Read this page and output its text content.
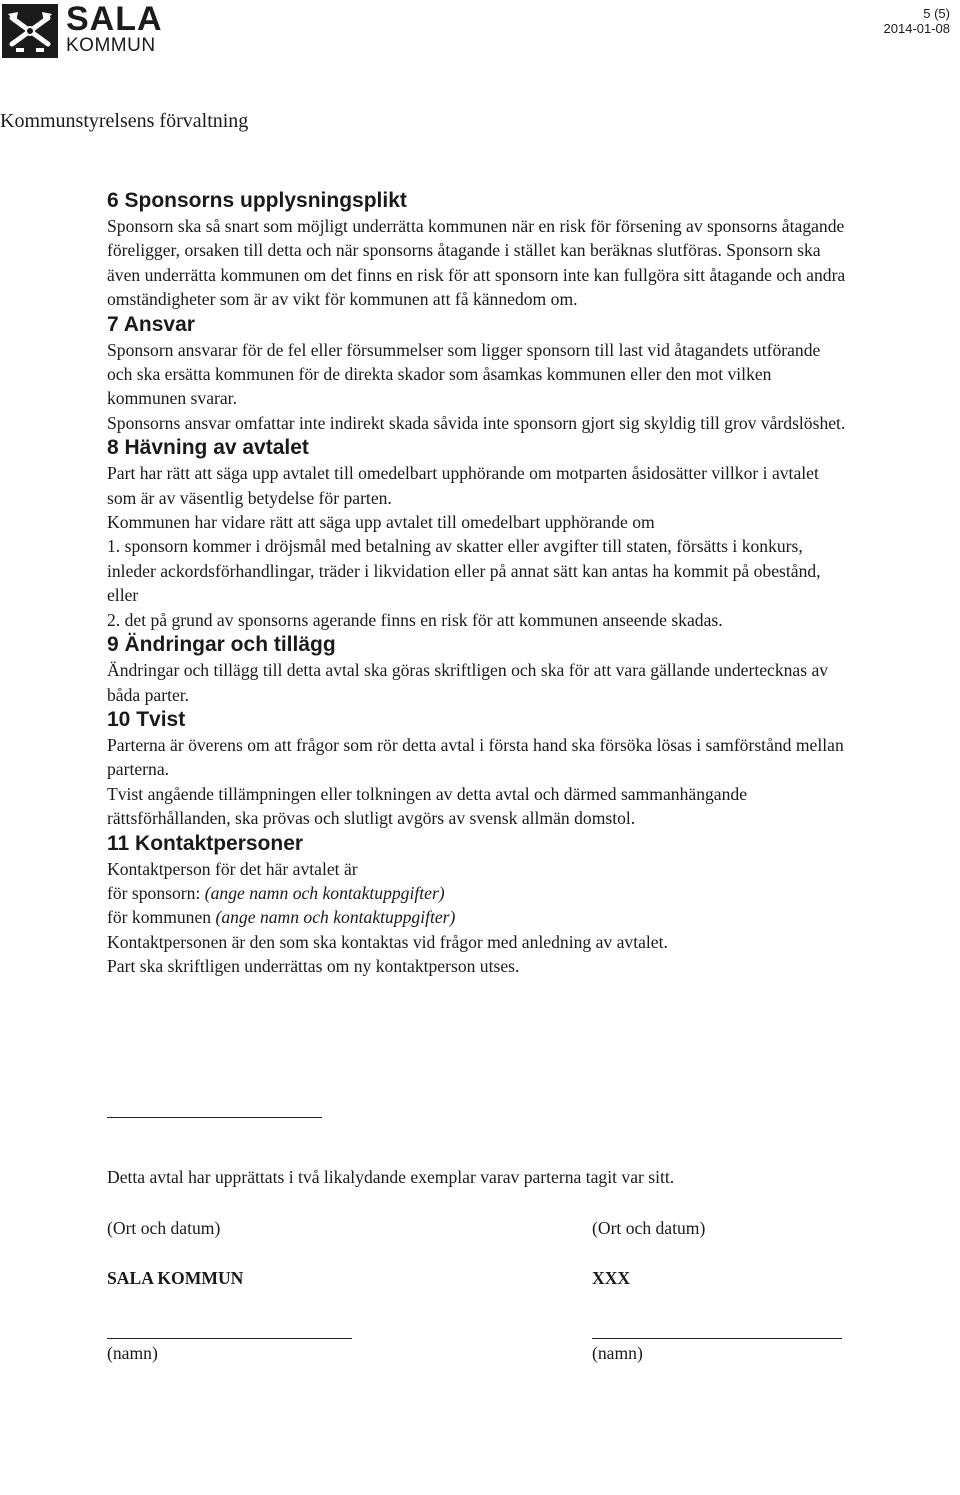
SALA
KOMMUN
5 (5)
2014-01-08
Kommunstyrelsens förvaltning
6 Sponsorns upplysningsplikt

Sponsorn ska så snart som möjligt underrätta kommunen när en risk för försening av sponsorns åtagande föreligger, orsaken till detta och när sponsorns åtagande i stället kan beräknas slutföras. Sponsorn ska även underrätta kommunen om det finns en risk för att sponsorn inte kan fullgöra sitt åtagande och andra omständigheter som är av vikt för kommunen att få kännedom om.

7 Ansvar

Sponsorn ansvarar för de fel eller försummelser som ligger sponsorn till last vid åtagandets utförande och ska ersätta kommunen för de direkta skador som åsamkas kommunen eller den mot vilken kommunen svarar.

Sponsorns ansvar omfattar inte indirekt skada såvida inte sponsorn gjort sig skyldig till grov vårdslöshet.

8 Hävning av avtalet

Part har rätt att säga upp avtalet till omedelbart upphörande om motparten åsidosätter villkor i avtalet som är av väsentlig betydelse för parten.

Kommunen har vidare rätt att säga upp avtalet till omedelbart upphörande om

1. sponsorn kommer i dröjsmål med betalning av skatter eller avgifter till staten, försätts i konkurs, inleder ackordsförhandlingar, träder i likvidation eller på annat sätt kan antas ha kommit på obestånd, eller

2. det på grund av sponsorns agerande finns en risk för att kommunen anseende skadas.

9 Ändringar och tillägg

Ändringar och tillägg till detta avtal ska göras skriftligen och ska för att vara gällande undertecknas av båda parter.

10 Tvist

Parterna är överens om att frågor som rör detta avtal i första hand ska försöka lösas i samförstånd mellan parterna.

Tvist angående tillämpningen eller tolkningen av detta avtal och därmed sammanhängande rättsförhållanden, ska prövas och slutligt avgörs av svensk allmän domstol.

11 Kontaktpersoner

Kontaktperson för det här avtalet är

för sponsorn: (ange namn och kontaktuppgifter)

för kommunen (ange namn och kontaktuppgifter)

Kontaktpersonen är den som ska kontaktas vid frågor med anledning av avtalet.

Part ska skriftligen underrättas om ny kontaktperson utses.

Detta avtal har upprättats i två likalydande exemplar varav parterna tagit var sitt.
(Ort och datum)
SALA KOMMUN
(namn)
(Ort och datum)
XXX
(namn)
